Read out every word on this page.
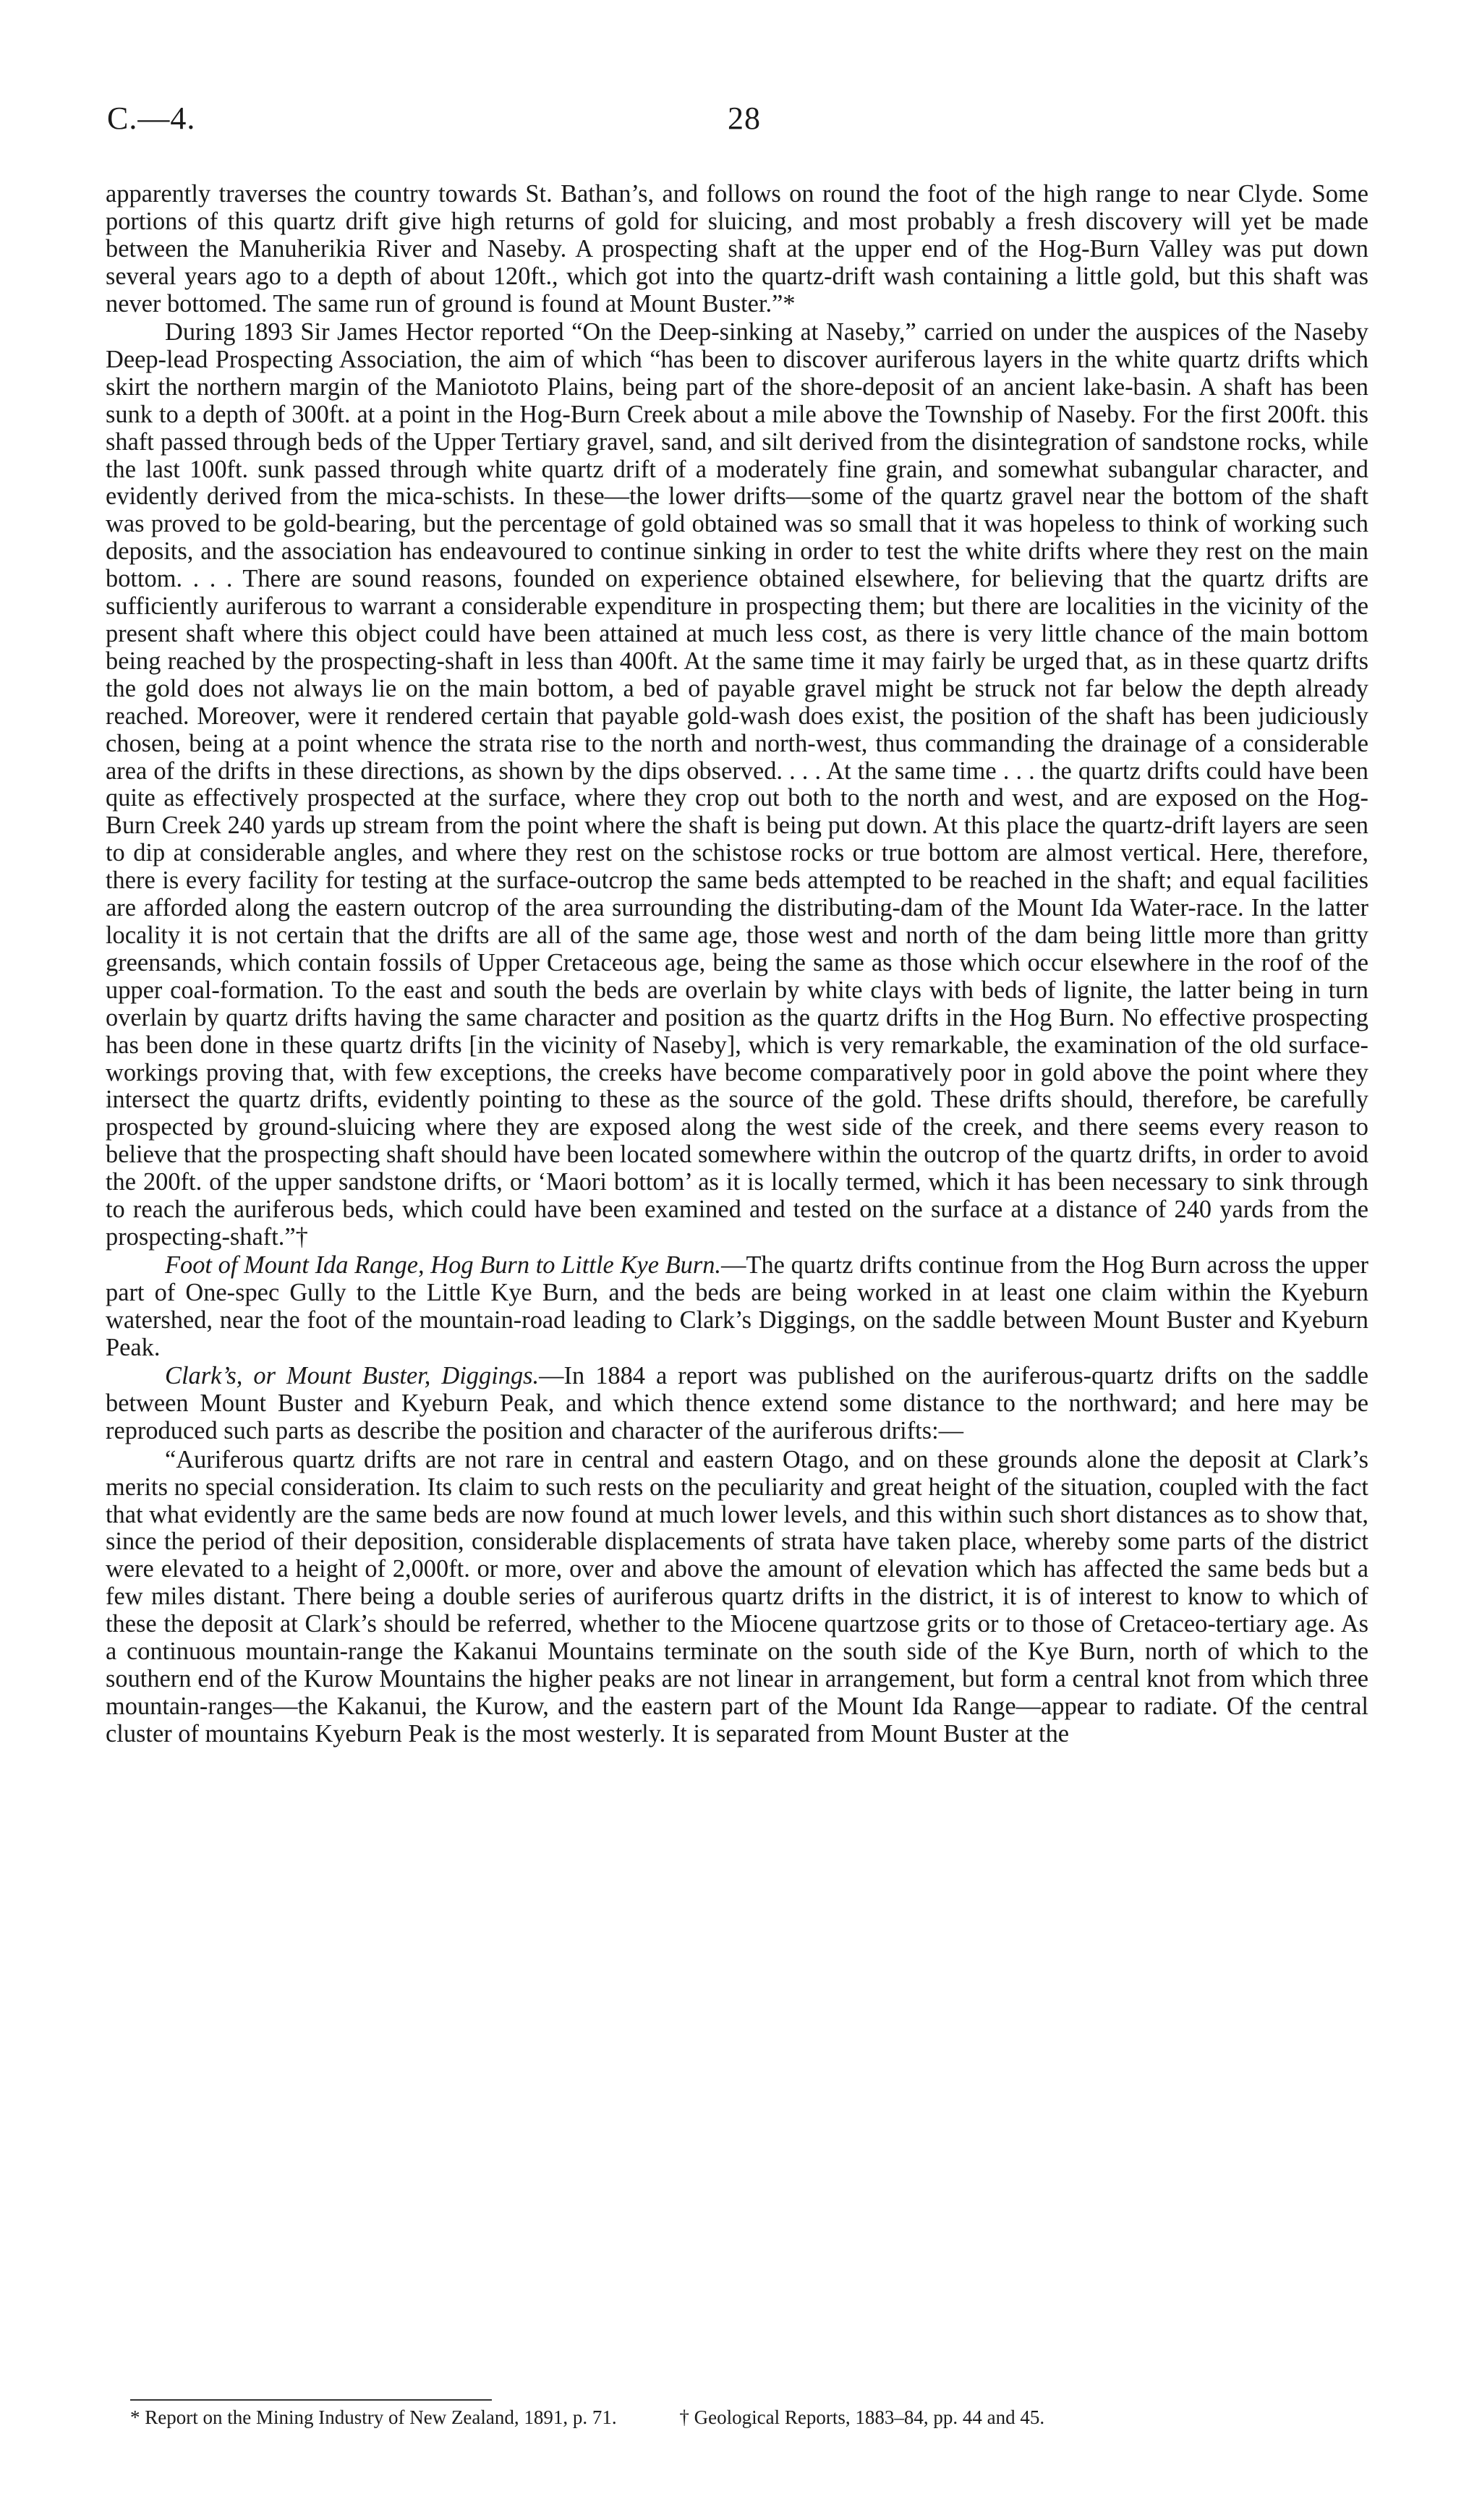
C.—4.	28

apparently traverses the country towards St. Bathan’s, and follows on round the foot of the high range to near Clyde. Some portions of this quartz drift give high returns of gold for sluicing, and most probably a fresh discovery will yet be made between the Manuherikia River and Naseby. A prospecting shaft at the upper end of the Hog-Burn Valley was put down several years ago to a depth of about 120ft., which got into the quartz-drift wash containing a little gold, but this shaft was never bottomed. The same run of ground is found at Mount Buster.”*

During 1893 Sir James Hector reported “On the Deep-sinking at Naseby,” carried on under the auspices of the Naseby Deep-lead Prospecting Association, the aim of which “has been to discover auriferous layers in the white quartz drifts which skirt the northern margin of the Maniototo Plains, being part of the shore-deposit of an ancient lake-basin. A shaft has been sunk to a depth of 300ft. at a point in the Hog-Burn Creek about a mile above the Township of Naseby. For the first 200ft. this shaft passed through beds of the Upper Tertiary gravel, sand, and silt derived from the disintegration of sandstone rocks, while the last 100ft. sunk passed through white quartz drift of a moderately fine grain, and somewhat subangular character, and evidently derived from the mica-schists. In these—the lower drifts—some of the quartz gravel near the bottom of the shaft was proved to be gold-bearing, but the percentage of gold obtained was so small that it was hopeless to think of working such deposits, and the association has endeavoured to continue sinking in order to test the white drifts where they rest on the main bottom. . . . There are sound reasons, founded on experience obtained elsewhere, for believing that the quartz drifts are sufficiently auriferous to warrant a considerable expenditure in prospecting them; but there are localities in the vicinity of the present shaft where this object could have been attained at much less cost, as there is very little chance of the main bottom being reached by the prospecting-shaft in less than 400ft. At the same time it may fairly be urged that, as in these quartz drifts the gold does not always lie on the main bottom, a bed of payable gravel might be struck not far below the depth already reached. Moreover, were it rendered certain that payable gold-wash does exist, the position of the shaft has been judiciously chosen, being at a point whence the strata rise to the north and north-west, thus commanding the drainage of a considerable area of the drifts in these directions, as shown by the dips observed. . . . At the same time . . . the quartz drifts could have been quite as effectively prospected at the surface, where they crop out both to the north and west, and are exposed on the Hog-Burn Creek 240 yards up stream from the point where the shaft is being put down. At this place the quartz-drift layers are seen to dip at considerable angles, and where they rest on the schistose rocks or true bottom are almost vertical. Here, therefore, there is every facility for testing at the surface-outcrop the same beds attempted to be reached in the shaft; and equal facilities are afforded along the eastern outcrop of the area surrounding the distributing-dam of the Mount Ida Water-race. In the latter locality it is not certain that the drifts are all of the same age, those west and north of the dam being little more than gritty greensands, which contain fossils of Upper Cretaceous age, being the same as those which occur elsewhere in the roof of the upper coal-formation. To the east and south the beds are overlain by white clays with beds of lignite, the latter being in turn overlain by quartz drifts having the same character and position as the quartz drifts in the Hog Burn. No effective prospecting has been done in these quartz drifts [in the vicinity of Naseby], which is very remarkable, the examination of the old surface-workings proving that, with few exceptions, the creeks have become comparatively poor in gold above the point where they intersect the quartz drifts, evidently pointing to these as the source of the gold. These drifts should, therefore, be carefully prospected by ground-sluicing where they are exposed along the west side of the creek, and there seems every reason to believe that the prospecting shaft should have been located somewhere within the outcrop of the quartz drifts, in order to avoid the 200ft. of the upper sandstone drifts, or ‘Maori bottom’ as it is locally termed, which it has been necessary to sink through to reach the auriferous beds, which could have been examined and tested on the surface at a distance of 240 yards from the prospecting-shaft.”†

Foot of Mount Ida Range, Hog Burn to Little Kye Burn.—The quartz drifts continue from the Hog Burn across the upper part of One-spec Gully to the Little Kye Burn, and the beds are being worked in at least one claim within the Kyeburn watershed, near the foot of the mountain-road leading to Clark’s Diggings, on the saddle between Mount Buster and Kyeburn Peak.

Clark’s, or Mount Buster, Diggings.—In 1884 a report was published on the auriferous-quartz drifts on the saddle between Mount Buster and Kyeburn Peak, and which thence extend some distance to the northward; and here may be reproduced such parts as describe the position and character of the auriferous drifts:—

“Auriferous quartz drifts are not rare in central and eastern Otago, and on these grounds alone the deposit at Clark’s merits no special consideration. Its claim to such rests on the peculiarity and great height of the situation, coupled with the fact that what evidently are the same beds are now found at much lower levels, and this within such short distances as to show that, since the period of their deposition, considerable displacements of strata have taken place, whereby some parts of the district were elevated to a height of 2,000ft. or more, over and above the amount of elevation which has affected the same beds but a few miles distant. There being a double series of auriferous quartz drifts in the district, it is of interest to know to which of these the deposit at Clark’s should be referred, whether to the Miocene quartzose grits or to those of Cretaceo-tertiary age. As a continuous mountain-range the Kakanui Mountains terminate on the south side of the Kye Burn, north of which to the southern end of the Kurow Mountains the higher peaks are not linear in arrangement, but form a central knot from which three mountain-ranges—the Kakanui, the Kurow, and the eastern part of the Mount Ida Range—appear to radiate. Of the central cluster of mountains Kyeburn Peak is the most westerly. It is separated from Mount Buster at the

* Report on the Mining Industry of New Zealand, 1891, p. 71.	† Geological Reports, 1883–84, pp. 44 and 45.
